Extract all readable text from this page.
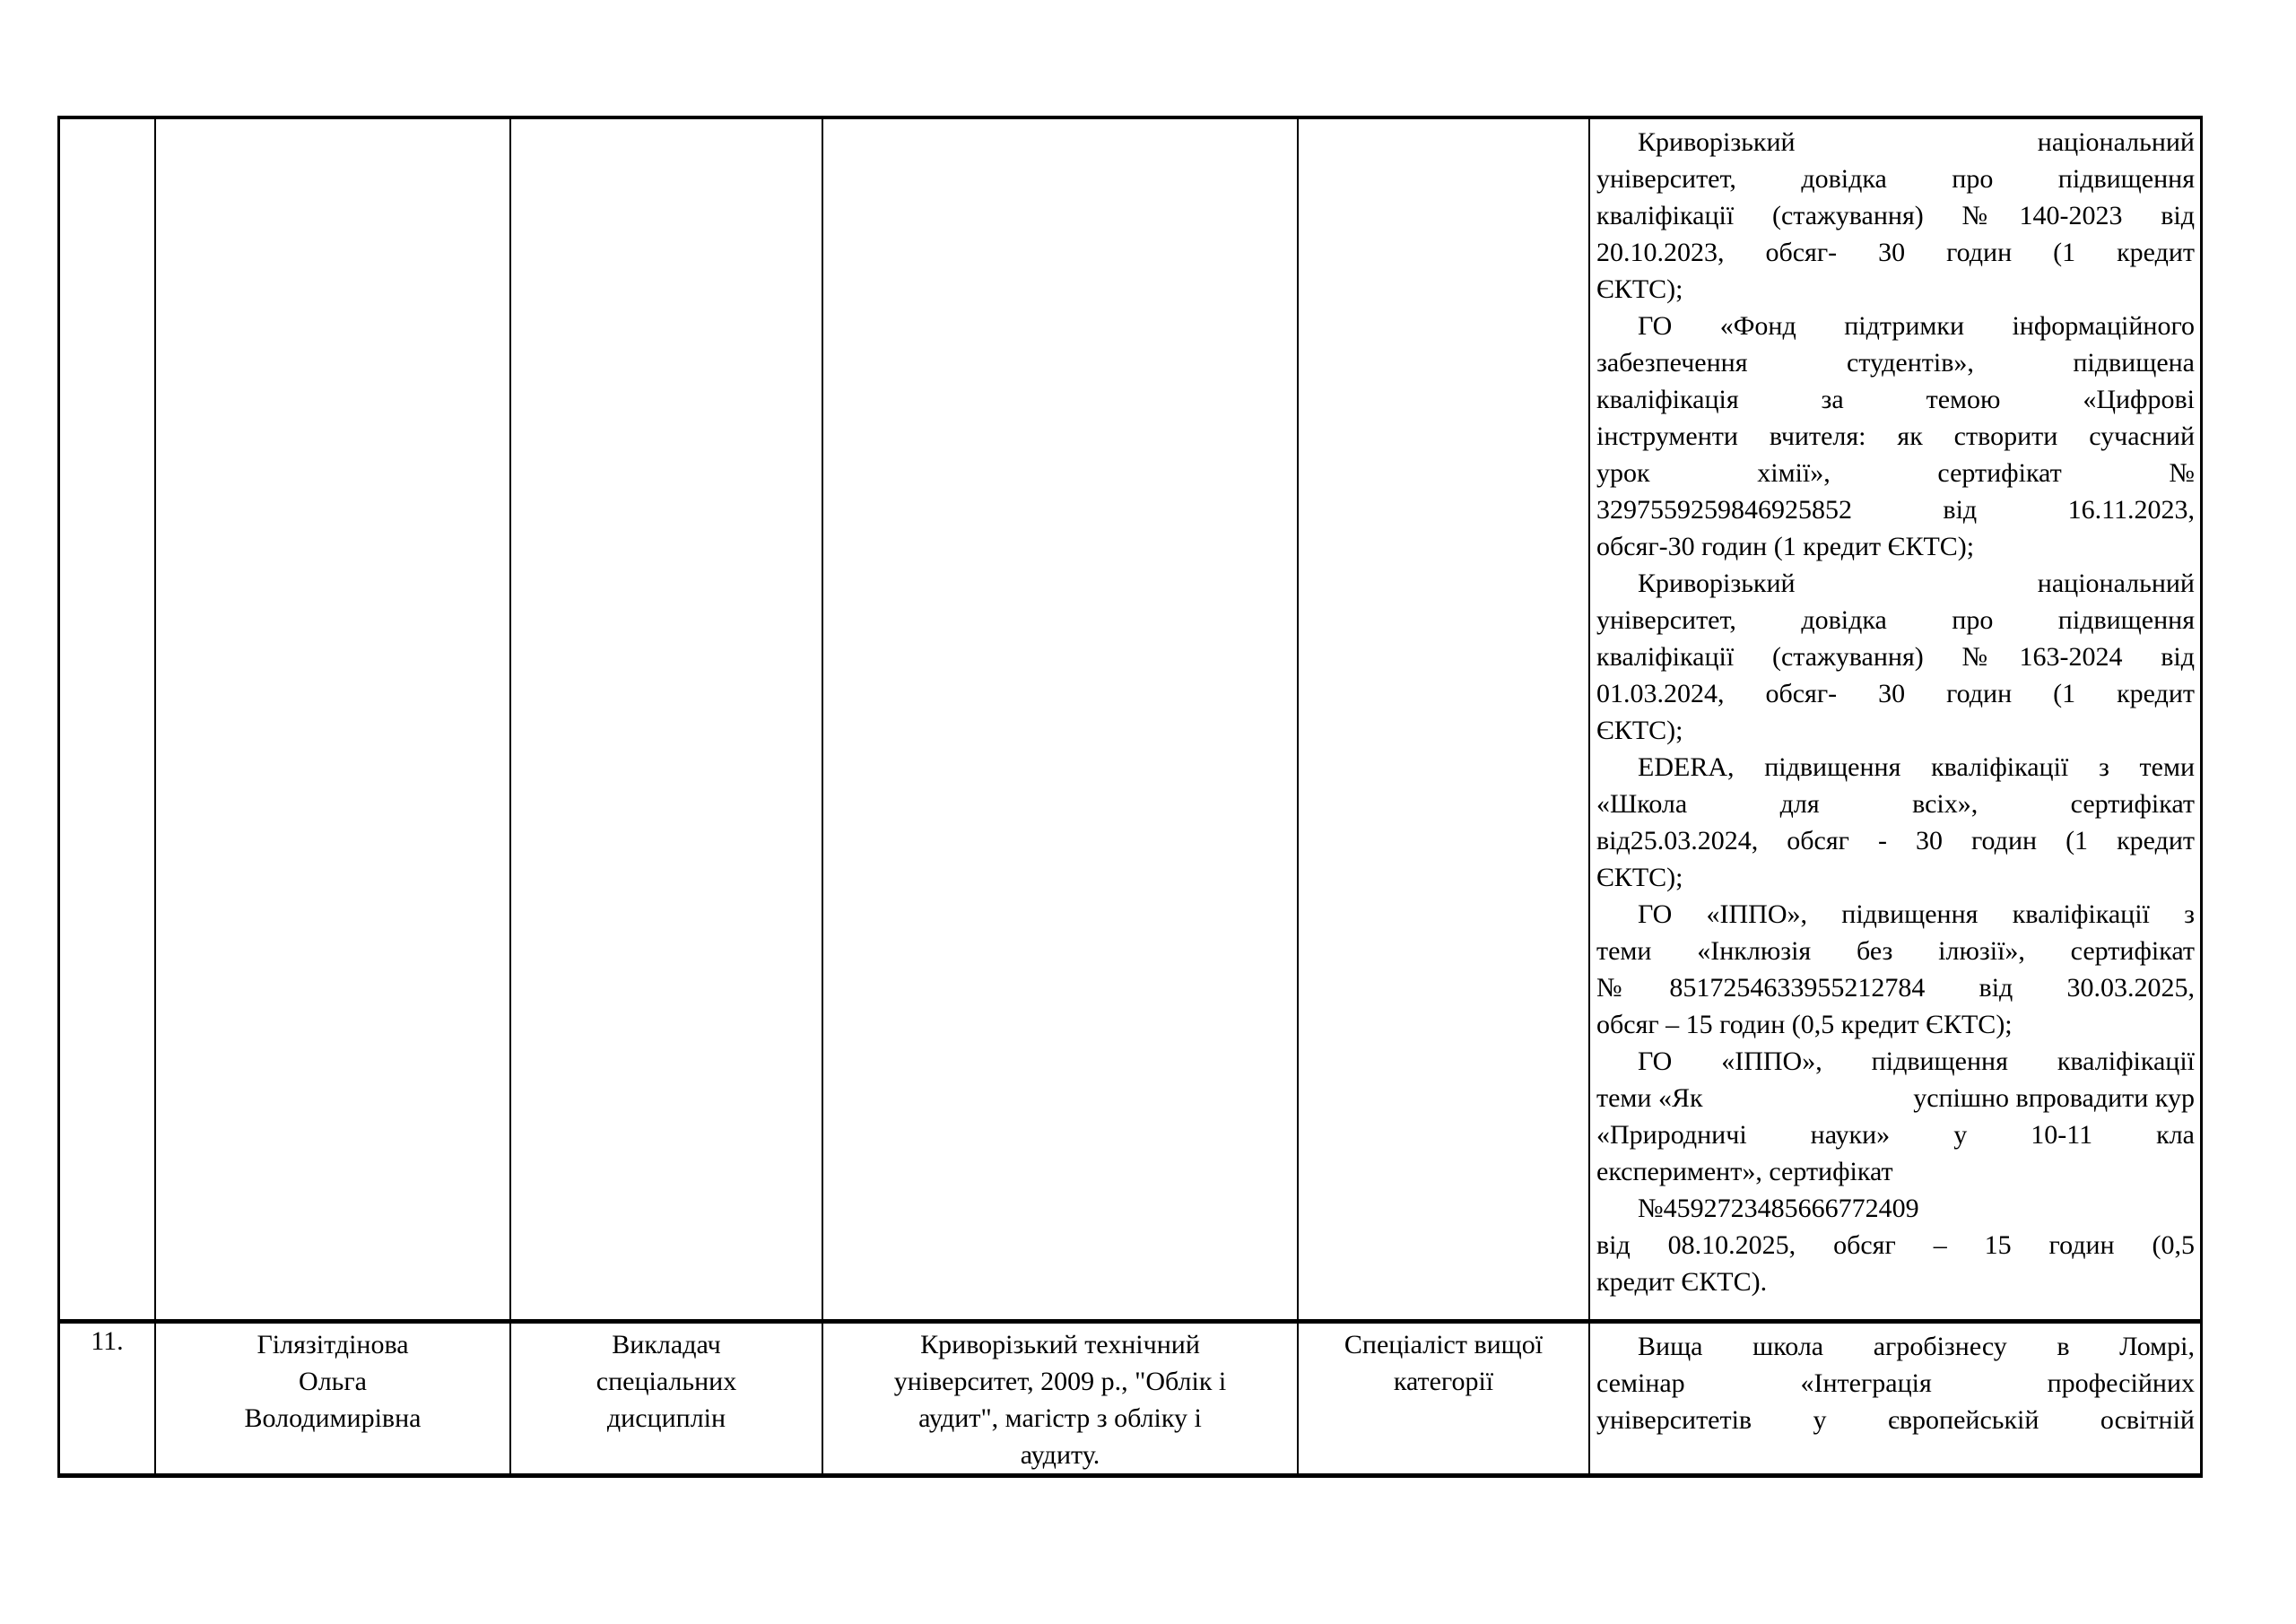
Криворізький національний
університет, довідка про підвищення
кваліфікації (стажування) №140-2023 від
20.10.2023, обсяг- 30 годин (1 кредит
ЄКТС);
ГО «Фонд підтримки інформаційного
забезпечення студентів», підвищена
кваліфікація за темою «Цифрові
інструменти вчителя: як створити сучасний
урок хімії», сертифікат №
3297559259846925852 від 16.11.2023,
обсяг-30 годин (1 кредит ЄКТС);
Криворізький національний
університет, довідка про підвищення
кваліфікації (стажування) №163-2024 від
01.03.2024, обсяг- 30 годин (1 кредит
ЄКТС);
EDERA, підвищення кваліфікації з теми
«Школа для всіх», сертифікат
від25.03.2024, обсяг - 30 годин (1 кредит
ЄКТС);
ГО «ІППО», підвищення кваліфікації з
теми «Інклюзія без ілюзії», сертифікат
№8517254633955212784 від 30.03.2025,
обсяг – 15 годин (0,5 кредит ЄКТС);
ГО «ІППО», підвищення кваліфікації
теми «Як	успішно впровадити кур
«Природничі науки» у 10-11 кла
експеримент», сертифікат
№4592723485666772409
від 08.10.2025, обсяг – 15 годин (0,5
кредит ЄКТС).
11.	Гілязітдінова
Ольга
Володимирівна
Викладач
спеціальних
дисциплін
Криворізький технічний
університет, 2009 р., "Облік і
аудит", магістр з обліку і
аудиту.
Спеціаліст вищої
категорії
Вища школа агробізнесу в Ломрі,
семінар «Інтеграція професійних
університетів у європейській освітній
